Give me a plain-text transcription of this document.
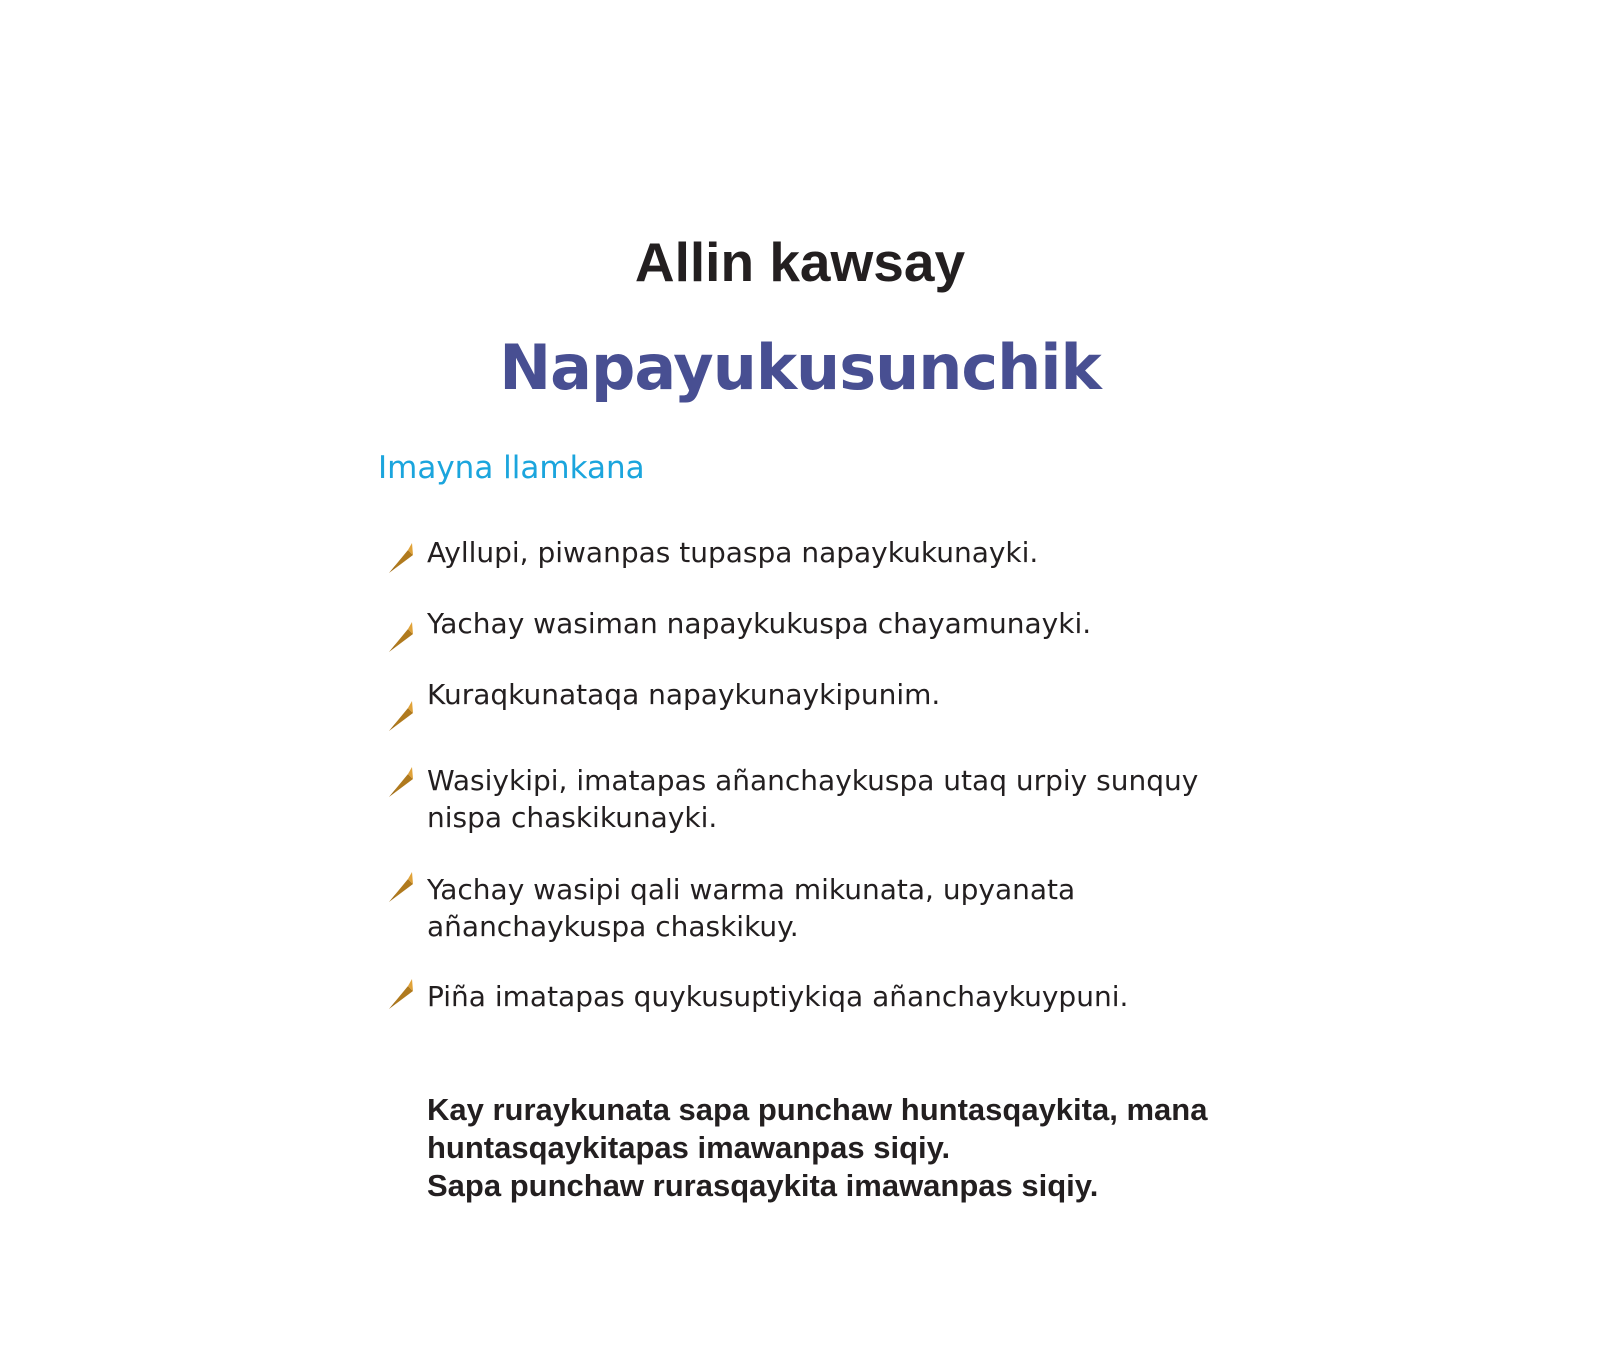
Allin kawsay
Napayukusunchik
Imayna llamkana
Ayllupi, piwanpas tupaspa napaykukunayki.
Yachay wasiman napaykukuspa chayamunayki.
Kuraqkunataqa napaykunaykipunim.
Wasiykipi, imatapas añanchaykuspa utaq urpiy sunquy nispa chaskikunayki.
Yachay wasipi qali warma mikunata, upyanata añanchaykuspa chaskikuy.
Piña imatapas quykusuptiykiqa añanchaykuypuni.

Kay ruraykunata sapa punchaw huntasqaykita, mana huntasqaykitapas imawanpas siqiy.

Sapa punchaw rurasqaykita imawanpas siqiy.
